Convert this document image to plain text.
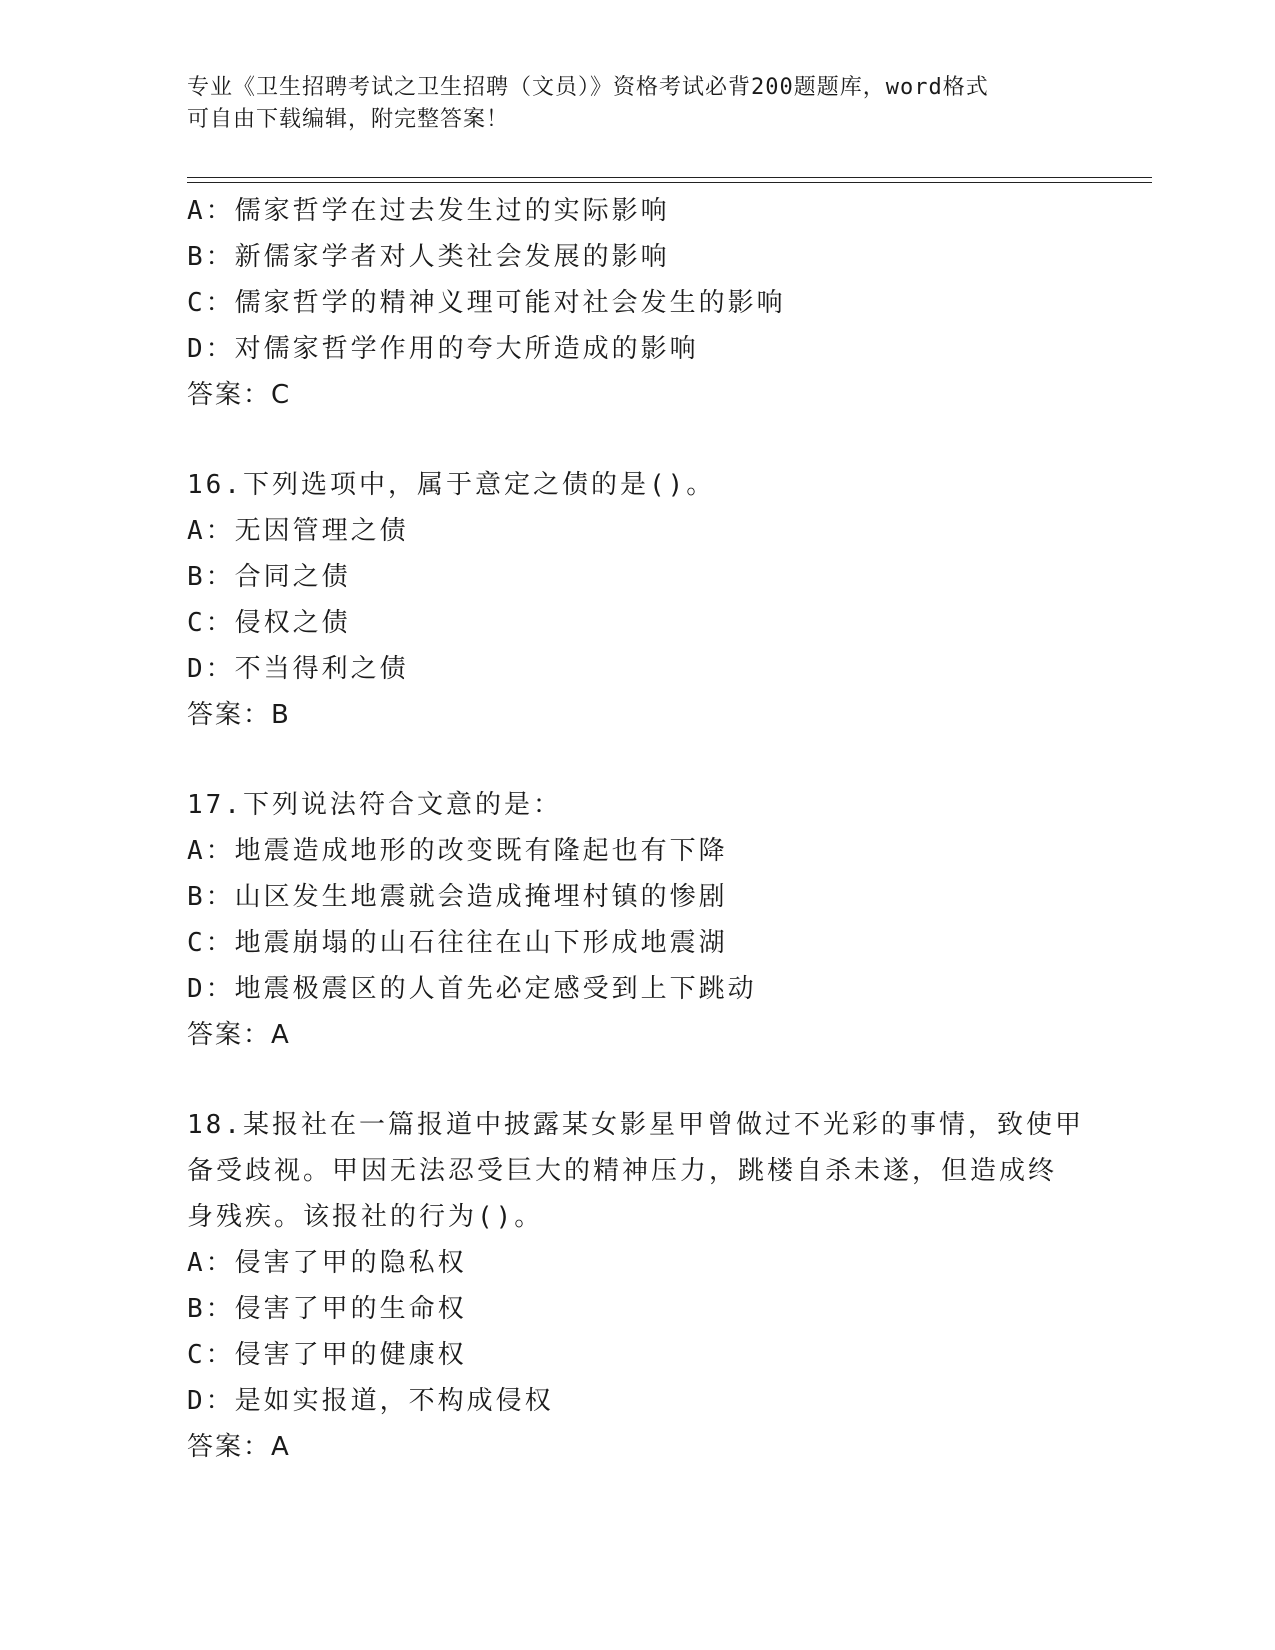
专业《卫生招聘考试之卫生招聘（文员）》资格考试必背200题题库，word格式
可自由下载编辑，附完整答案！
A：儒家哲学在过去发生过的实际影响
B：新儒家学者对人类社会发展的影响
C：儒家哲学的精神义理可能对社会发生的影响
D：对儒家哲学作用的夸大所造成的影响
答案：C
16.下列选项中，属于意定之债的是()。
A：无因管理之债
B：合同之债
C：侵权之债
D：不当得利之债
答案：B
17.下列说法符合文意的是：
A：地震造成地形的改变既有隆起也有下降
B：山区发生地震就会造成掩埋村镇的惨剧
C：地震崩塌的山石往往在山下形成地震湖
D：地震极震区的人首先必定感受到上下跳动
答案：A
18.某报社在一篇报道中披露某女影星甲曾做过不光彩的事情，致使甲
备受歧视。甲因无法忍受巨大的精神压力，跳楼自杀未遂，但造成终
身残疾。该报社的行为()。
A：侵害了甲的隐私权
B：侵害了甲的生命权
C：侵害了甲的健康权
D：是如实报道，不构成侵权
答案：A
